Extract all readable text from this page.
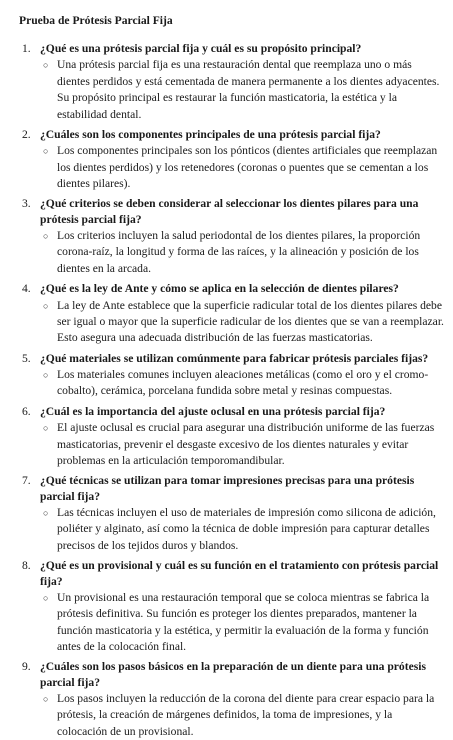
Prueba de Prótesis Parcial Fija
1. ¿Qué es una prótesis parcial fija y cuál es su propósito principal?

○ Una prótesis parcial fija es una restauración dental que reemplaza uno o más dientes perdidos y está cementada de manera permanente a los dientes adyacentes. Su propósito principal es restaurar la función masticatoria, la estética y la estabilidad dental.

2. ¿Cuáles son los componentes principales de una prótesis parcial fija?

○ Los componentes principales son los pónticos (dientes artificiales que reemplazan los dientes perdidos) y los retenedores (coronas o puentes que se cementan a los dientes pilares).

3. ¿Qué criterios se deben considerar al seleccionar los dientes pilares para una prótesis parcial fija?

○ Los criterios incluyen la salud periodontal de los dientes pilares, la proporción corona-raíz, la longitud y forma de las raíces, y la alineación y posición de los dientes en la arcada.

4. ¿Qué es la ley de Ante y cómo se aplica en la selección de dientes pilares?

○ La ley de Ante establece que la superficie radicular total de los dientes pilares debe ser igual o mayor que la superficie radicular de los dientes que se van a reemplazar. Esto asegura una adecuada distribución de las fuerzas masticatorias.

5. ¿Qué materiales se utilizan comúnmente para fabricar prótesis parciales fijas?

○ Los materiales comunes incluyen aleaciones metálicas (como el oro y el cromo-cobalto), cerámica, porcelana fundida sobre metal y resinas compuestas.

6. ¿Cuál es la importancia del ajuste oclusal en una prótesis parcial fija?

○ El ajuste oclusal es crucial para asegurar una distribución uniforme de las fuerzas masticatorias, prevenir el desgaste excesivo de los dientes naturales y evitar problemas en la articulación temporomandibular.

7. ¿Qué técnicas se utilizan para tomar impresiones precisas para una prótesis parcial fija?

○ Las técnicas incluyen el uso de materiales de impresión como silicona de adición, poliéter y alginato, así como la técnica de doble impresión para capturar detalles precisos de los tejidos duros y blandos.

8. ¿Qué es un provisional y cuál es su función en el tratamiento con prótesis parcial fija?

○ Un provisional es una restauración temporal que se coloca mientras se fabrica la prótesis definitiva. Su función es proteger los dientes preparados, mantener la función masticatoria y la estética, y permitir la evaluación de la forma y función antes de la colocación final.

9. ¿Cuáles son los pasos básicos en la preparación de un diente para una prótesis parcial fija?

○ Los pasos incluyen la reducción de la corona del diente para crear espacio para la prótesis, la creación de márgenes definidos, la toma de impresiones, y la colocación de un provisional.
